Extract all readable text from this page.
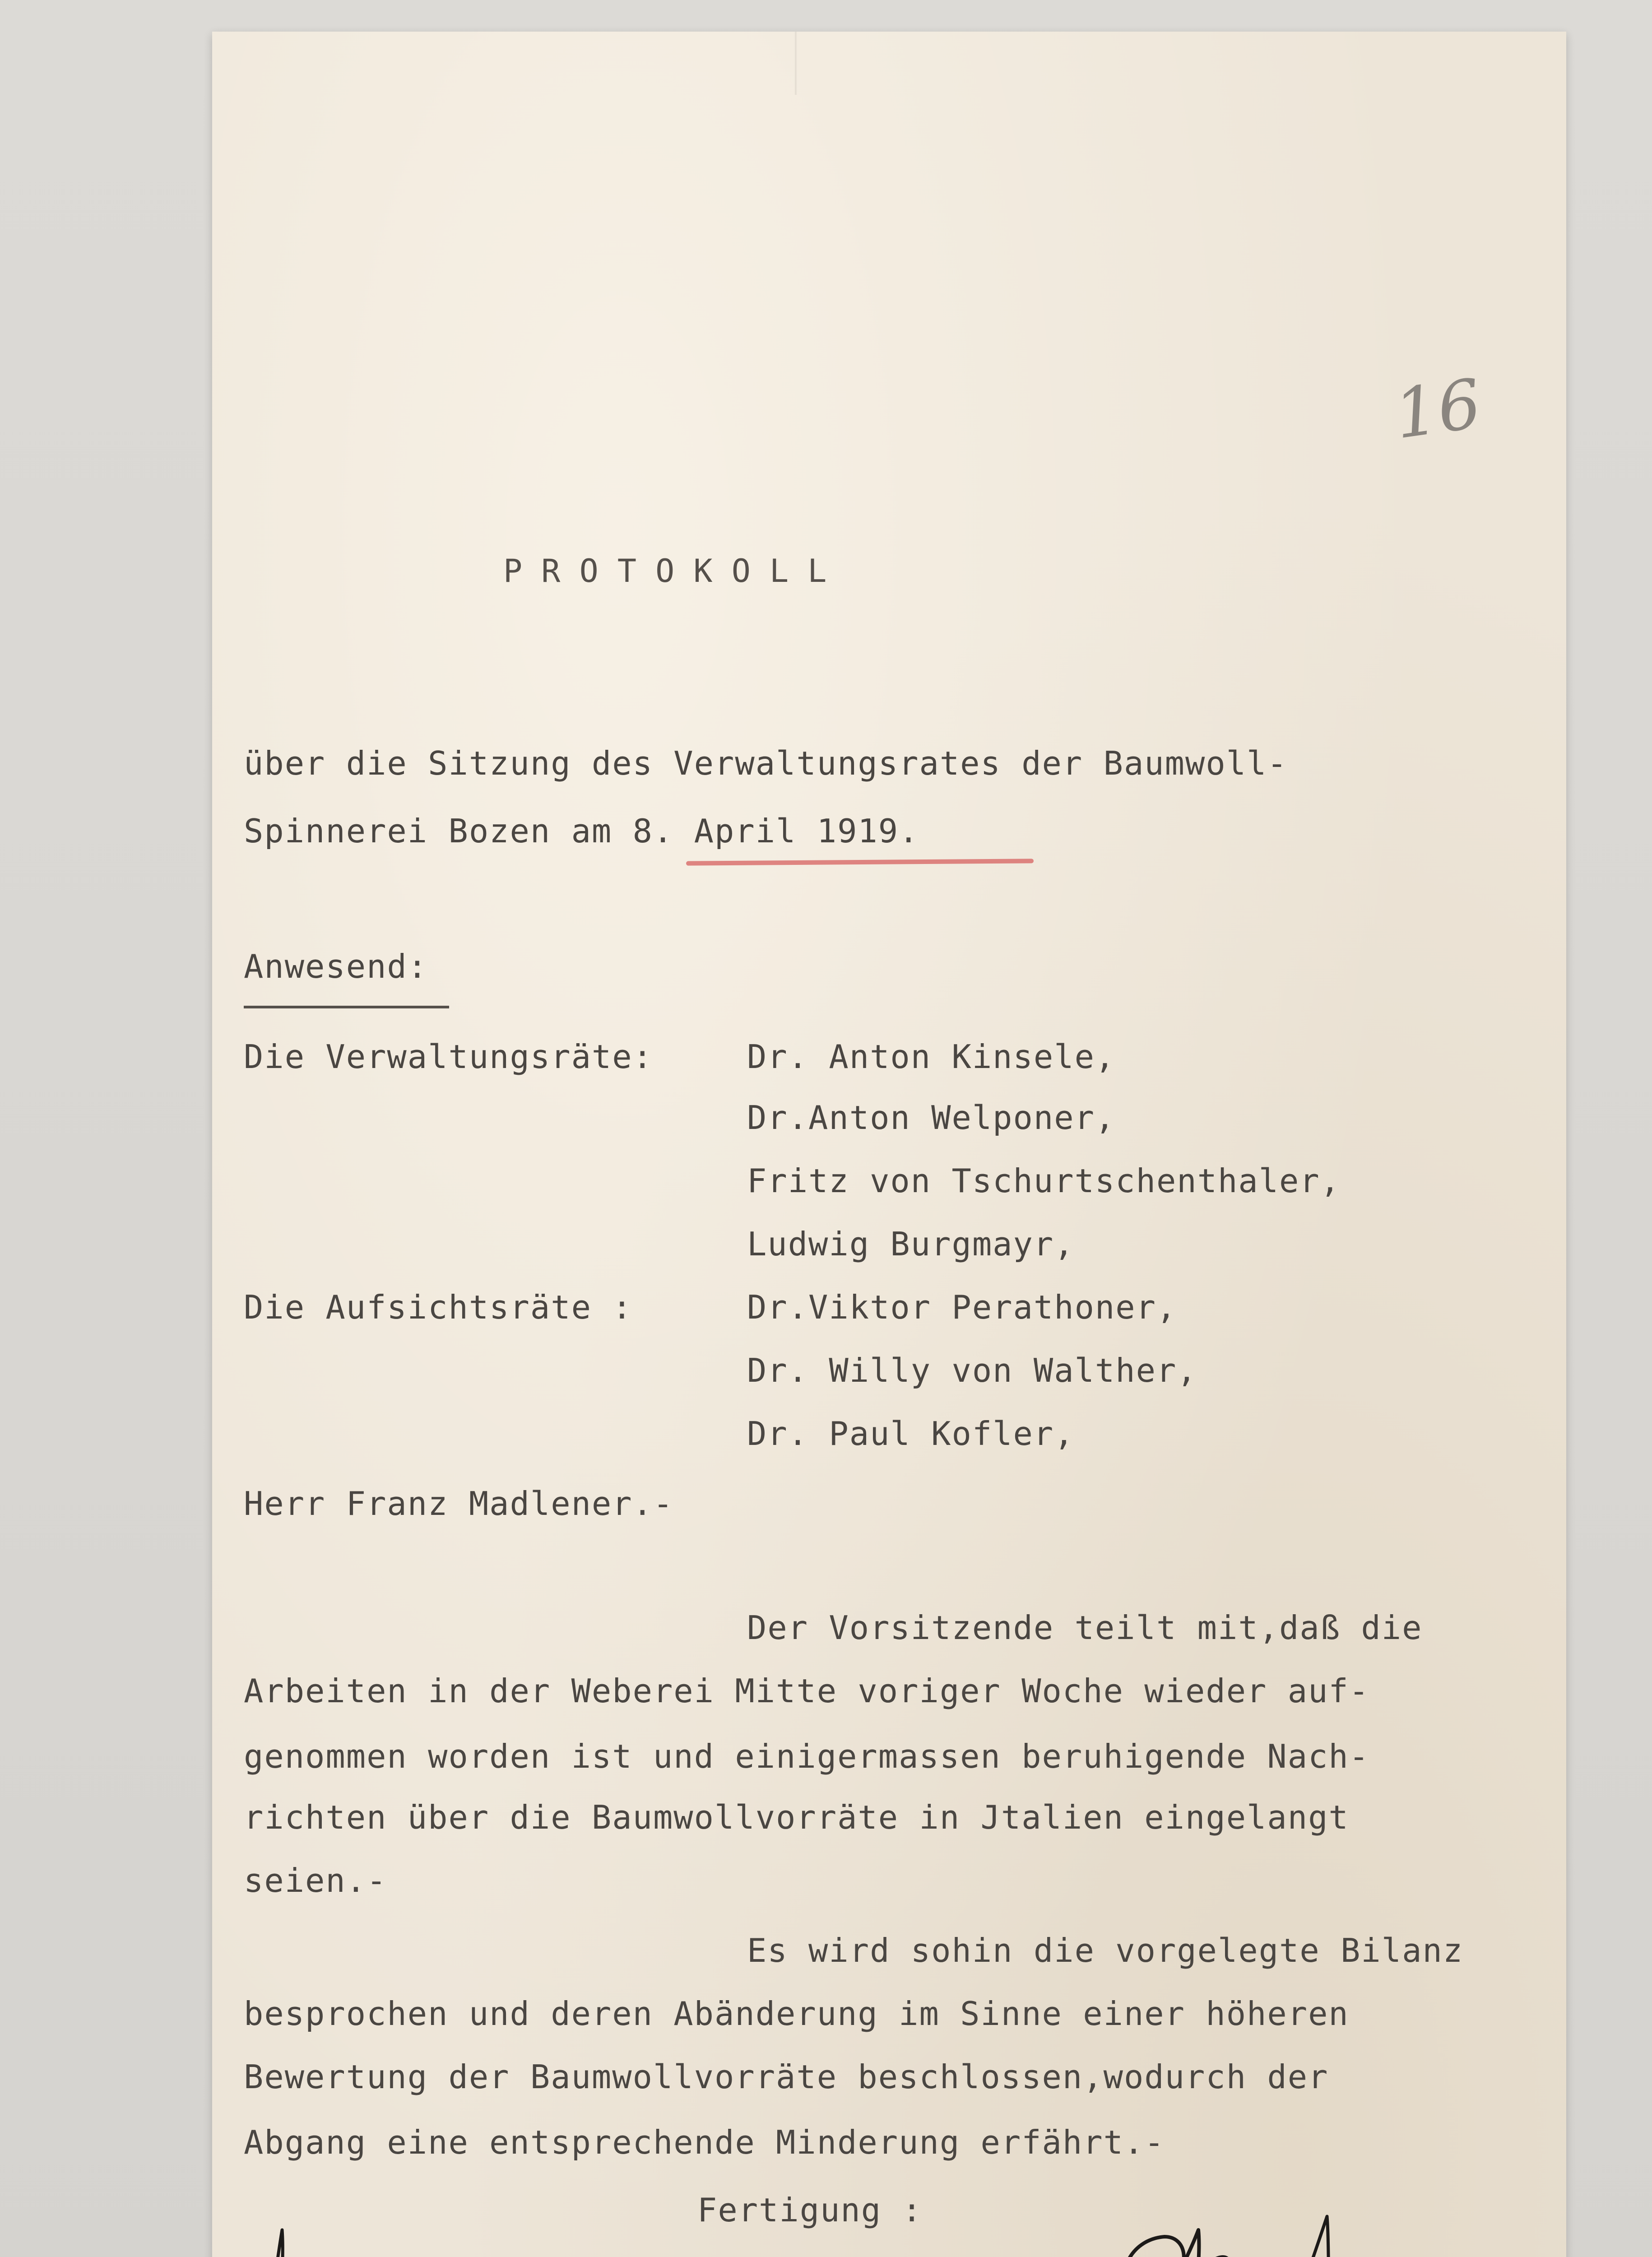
16
P R O T O K O L L
über die Sitzung des Verwaltungsrates der Baumwoll-
Spinnerei Bozen am 8. April 1919.
Anwesend:
Die Verwaltungsräte:	Dr. Anton Kinsele,
Dr.Anton Welponer,
Fritz von Tschurtschenthaler,
Ludwig Burgmayr,
Die Aufsichtsräte :	Dr.Viktor Perathoner,
Dr. Willy von Walther,
Dr. Paul Kofler,
Herr Franz Madlener.-
Der Vorsitzende teilt mit,daß die
Arbeiten in der Weberei Mitte voriger Woche wieder auf-
genommen worden ist und einigermassen beruhigende Nach-
richten über die Baumwollvorräte in Jtalien eingelangt
seien.-
Es wird sohin die vorgelegte Bilanz
besprochen und deren Abänderung im Sinne einer höheren
Bewertung der Baumwollvorräte beschlossen,wodurch der
Abgang eine entsprechende Minderung erfährt.-
Fertigung :
